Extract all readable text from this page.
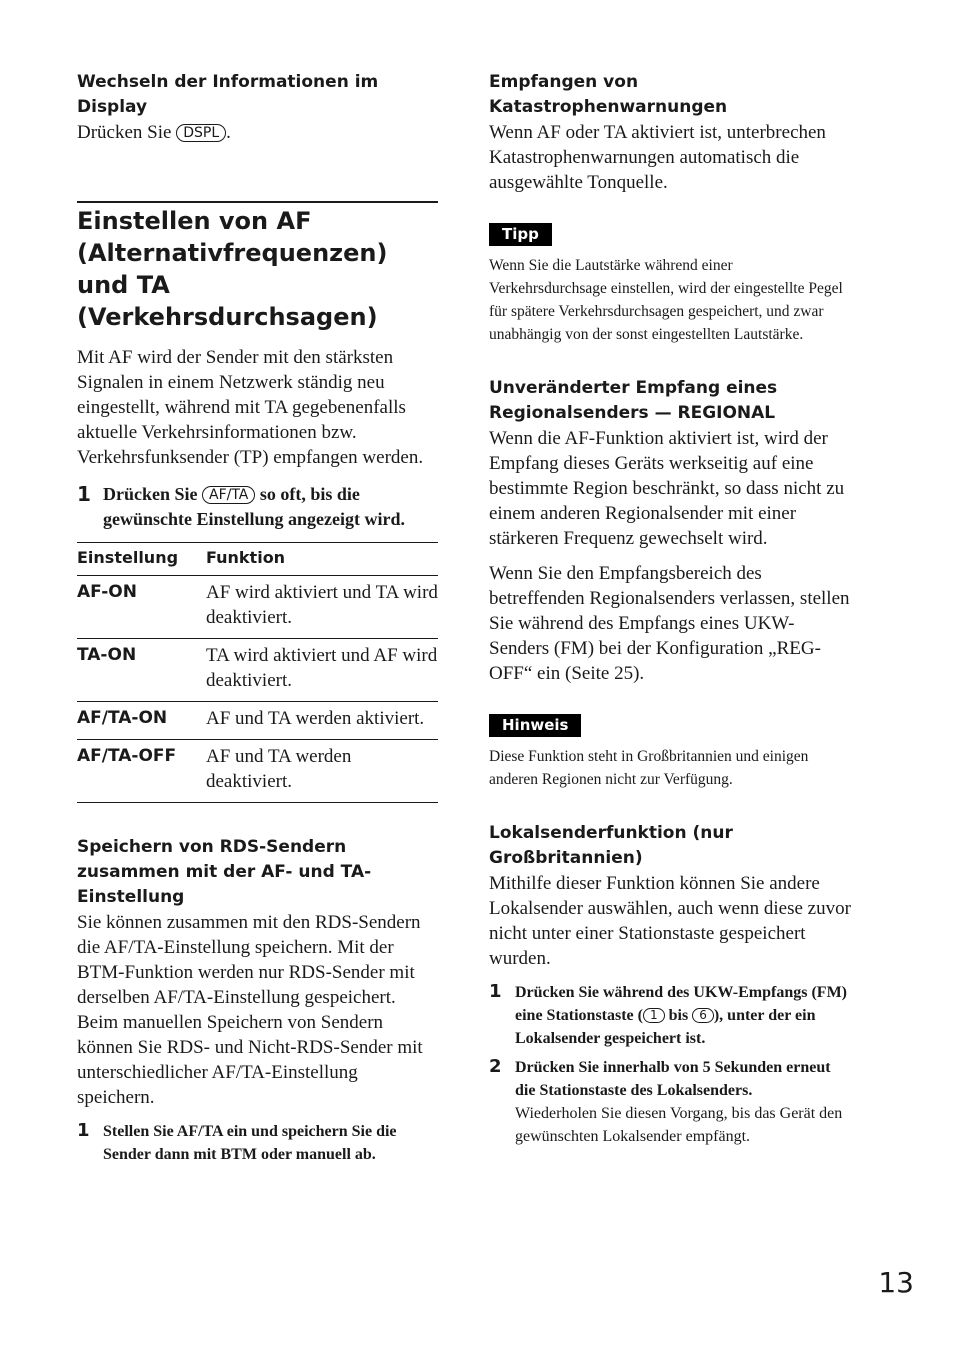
Wechseln der Informationen im Display

Drücken Sie DSPL .

Einstellen von AF (Alternativfrequenzen) und TA (Verkehrsdurchsagen)

Mit AF wird der Sender mit den stärksten Signalen in einem Netzwerk ständig neu eingestellt, während mit TA gegebenenfalls aktuelle Verkehrsinformationen bzw. Verkehrsfunksender (TP) empfangen werden.

1 Drücken Sie AF/TA so oft, bis die gewünschte Einstellung angezeigt wird.
Einstellung	Funktion
AF-ON	AF wird aktiviert und TA wird deaktiviert.
TA-ON	TA wird aktiviert und AF wird deaktiviert.
AF/TA-ON	AF und TA werden aktiviert.
AF/TA-OFF	AF und TA werden deaktiviert.

Speichern von RDS-Sendern zusammen mit der AF- und TA-Einstellung

Sie können zusammen mit den RDS-Sendern die AF/TA-Einstellung speichern. Mit der BTM-Funktion werden nur RDS-Sender mit derselben AF/TA-Einstellung gespeichert.

Beim manuellen Speichern von Sendern können Sie RDS- und Nicht-RDS-Sender mit unterschiedlicher AF/TA-Einstellung speichern.

1 Stellen Sie AF/TA ein und speichern Sie die Sender dann mit BTM oder manuell ab.

Empfangen von Katastrophenwarnungen

Wenn AF oder TA aktiviert ist, unterbrechen Katastrophenwarnungen automatisch die ausgewählte Tonquelle.

Tipp

Wenn Sie die Lautstärke während einer Verkehrsdurchsage einstellen, wird der eingestellte Pegel für spätere Verkehrsdurchsagen gespeichert, und zwar unabhängig von der sonst eingestellten Lautstärke.

Unveränderter Empfang eines Regionalsenders — REGIONAL

Wenn die AF-Funktion aktiviert ist, wird der Empfang dieses Geräts werkseitig auf eine bestimmte Region beschränkt, so dass nicht zu einem anderen Regionalsender mit einer stärkeren Frequenz gewechselt wird.

Wenn Sie den Empfangsbereich des betreffenden Regionalsenders verlassen, stellen Sie während des Empfangs eines UKW-Senders (FM) bei der Konfiguration „REG-OFF“ ein (Seite 25).

Hinweis

Diese Funktion steht in Großbritannien und einigen anderen Regionen nicht zur Verfügung.

Lokalsenderfunktion (nur Großbritannien)

Mithilfe dieser Funktion können Sie andere Lokalsender auswählen, auch wenn diese zuvor nicht unter einer Stationstaste gespeichert wurden.

1 Drücken Sie während des UKW-Empfangs (FM) eine Stationstaste ( 1 bis 6 ), unter der ein Lokalsender gespeichert ist.
2 Drücken Sie innerhalb von 5 Sekunden erneut die Stationstaste des Lokalsenders.
Wiederholen Sie diesen Vorgang, bis das Gerät den gewünschten Lokalsender empfängt.
13
